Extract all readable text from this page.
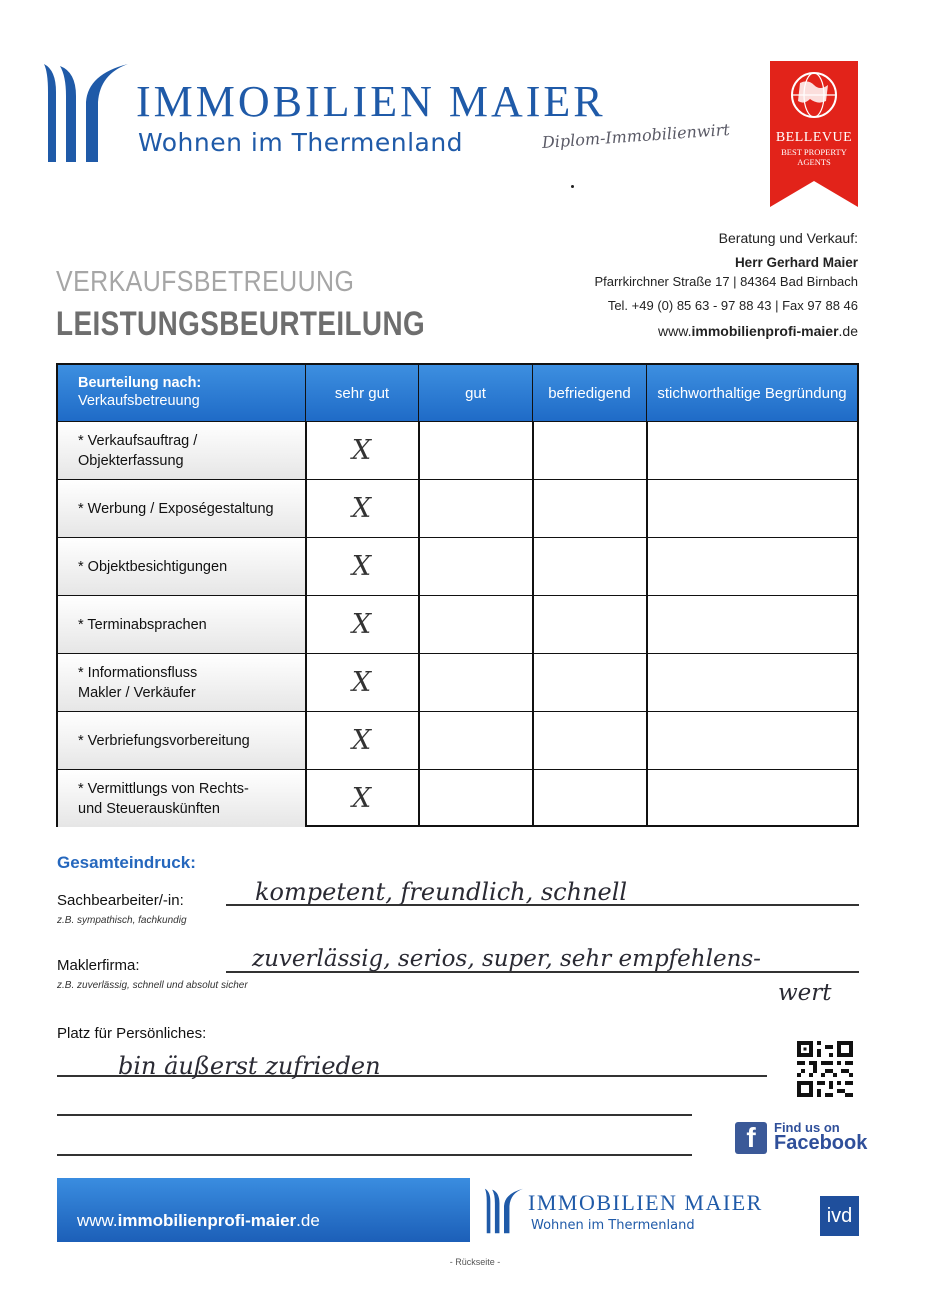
IMMOBILIEN MAIER
Wohnen im Thermenland	Diplom-Immobilienwirt	BELLEVUE
BEST PROPERTY
AGENTS
Beratung und Verkauf:
Herr Gerhard Maier
Pfarrkirchner Straße 17 | 84364 Bad Birnbach
Tel. +49 (0) 85 63 - 97 88 43 | Fax 97 88 46
www.immobilienprofi-maier.de
VERKAUFSBETREUUNG
LEISTUNGSBEURTEILUNG
Beurteilung nach:
Verkaufsbetreuung	sehr gut	gut	befriedigend	stichworthaltige Begründung
* Verkaufsauftrag / Objekterfassung	X
* Werbung / Exposégestaltung	X
* Objektbesichtigungen	X
* Terminabsprachen	X
* Informationsfluss
Makler / Verkäufer	X
* Verbriefungsvorbereitung	X
* Vermittlungs von Rechts-
und Steuerauskünften	X
Gesamteindruck:
Sachbearbeiter/-in:
z.B. sympathisch, fachkundig
kompetent, freundlich, schnell
Maklerfirma:
z.B. zuverlässig, schnell und absolut sicher
zuverlässig, serios, super, sehr empfehlens-
wert
Platz für Persönliches:
bin äußerst zufrieden
f	Find us on
Facebook
www.immobilienprofi-maier.de
IMMOBILIEN MAIER
Wohnen im Thermenland	ivd
- Rückseite -
